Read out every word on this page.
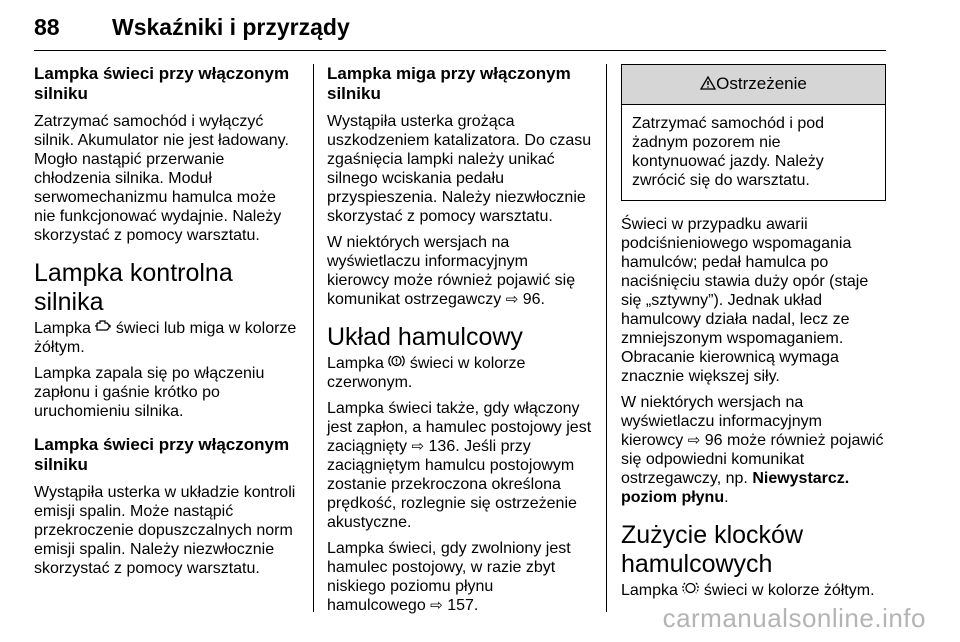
88 Wskaźniki i przyrządy
Lampka świeci przy włączonym silniku

Zatrzymać samochód i wyłączyć silnik. Akumulator nie jest ładowany. Mogło nastąpić przerwanie chłodzenia silnika. Moduł serwomechanizmu hamulca może nie funkcjonować wydajnie. Należy skorzystać z pomocy warsztatu.

Lampka kontrolna silnika

Lampka  świeci lub miga w kolorze żółtym.

Lampka zapala się po włączeniu zapłonu i gaśnie krótko po uruchomieniu silnika.

Lampka świeci przy włączonym silniku

Wystąpiła usterka w układzie kontroli emisji spalin. Może nastąpić przekroczenie dopuszczalnych norm emisji spalin. Należy niezwłocznie skorzystać z pomocy warsztatu.

Lampka miga przy włączonym silniku

Wystąpiła usterka grożąca uszkodzeniem katalizatora. Do czasu zgaśnięcia lampki należy unikać silnego wciskania pedału przyspieszenia. Należy niezwłocznie skorzystać z pomocy warsztatu.

W niektórych wersjach na wyświetlaczu informacyjnym kierowcy może również pojawić się komunikat ostrzegawczy ⇨ 96.

Układ hamulcowy

Lampka  świeci w kolorze czerwonym.

Lampka świeci także, gdy włączony jest zapłon, a hamulec postojowy jest zaciągnięty ⇨ 136. Jeśli przy zaciągniętym hamulcu postojowym zostanie przekroczona określona prędkość, rozlegnie się ostrzeżenie akustyczne.

Lampka świeci, gdy zwolniony jest hamulec postojowy, w razie zbyt niskiego poziomu płynu hamulcowego ⇨ 157.

Ostrzeżenie
Zatrzymać samochód i pod żadnym pozorem nie kontynuować jazdy. Należy zwrócić się do warsztatu.

Świeci w przypadku awarii podciśnieniowego wspomagania hamulców; pedał hamulca po naciśnięciu stawia duży opór (staje się „sztywny”). Jednak układ hamulcowy działa nadal, lecz ze zmniejszonym wspomaganiem. Obracanie kierownicą wymaga znacznie większej siły.

W niektórych wersjach na wyświetlaczu informacyjnym kierowcy ⇨ 96 może również pojawić się odpowiedni komunikat ostrzegawczy, np. Niewystarcz. poziom płynu.

Zużycie klocków hamulcowych

Lampka  świeci w kolorze żółtym.

carmanualsonline.info
